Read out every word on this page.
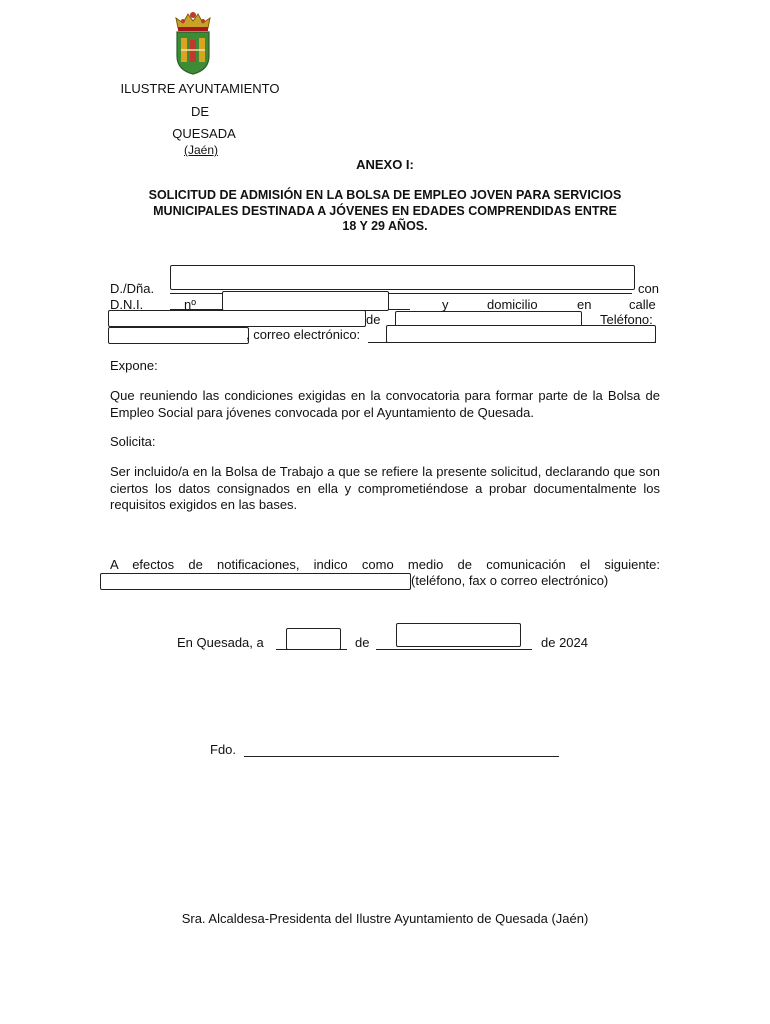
ILUSTRE AYUNTAMIENTO
DE
QUESADA
(Jaén)
ANEXO I:
SOLICITUD DE ADMISIÓN EN LA BOLSA DE EMPLEO JOVEN PARA SERVICIOS
MUNICIPALES DESTINADA A JÓVENES EN EDADES COMPRENDIDAS ENTRE
18 Y 29 AÑOS.
D./Dña.	con
D.N.I.	nº	y	domicilio	en	calle
de	Teléfono:
, correo electrónico:
Expone:
Que reuniendo las condiciones exigidas en la convocatoria para formar parte de la Bolsa de Empleo Social para jóvenes convocada por el Ayuntamiento de Quesada.
Solicita:
Ser incluido/a en la Bolsa de Trabajo a que se refiere la presente solicitud, declarando que son ciertos los datos consignados en ella y comprometiéndose a probar documentalmente los requisitos exigidos en las bases.
A efectos de notificaciones, indico como medio de comunicación el siguiente:
(teléfono, fax o correo electrónico)
En Quesada, a	de	de 2024
Fdo.
Sra. Alcaldesa-Presidenta del Ilustre Ayuntamiento de Quesada (Jaén)
